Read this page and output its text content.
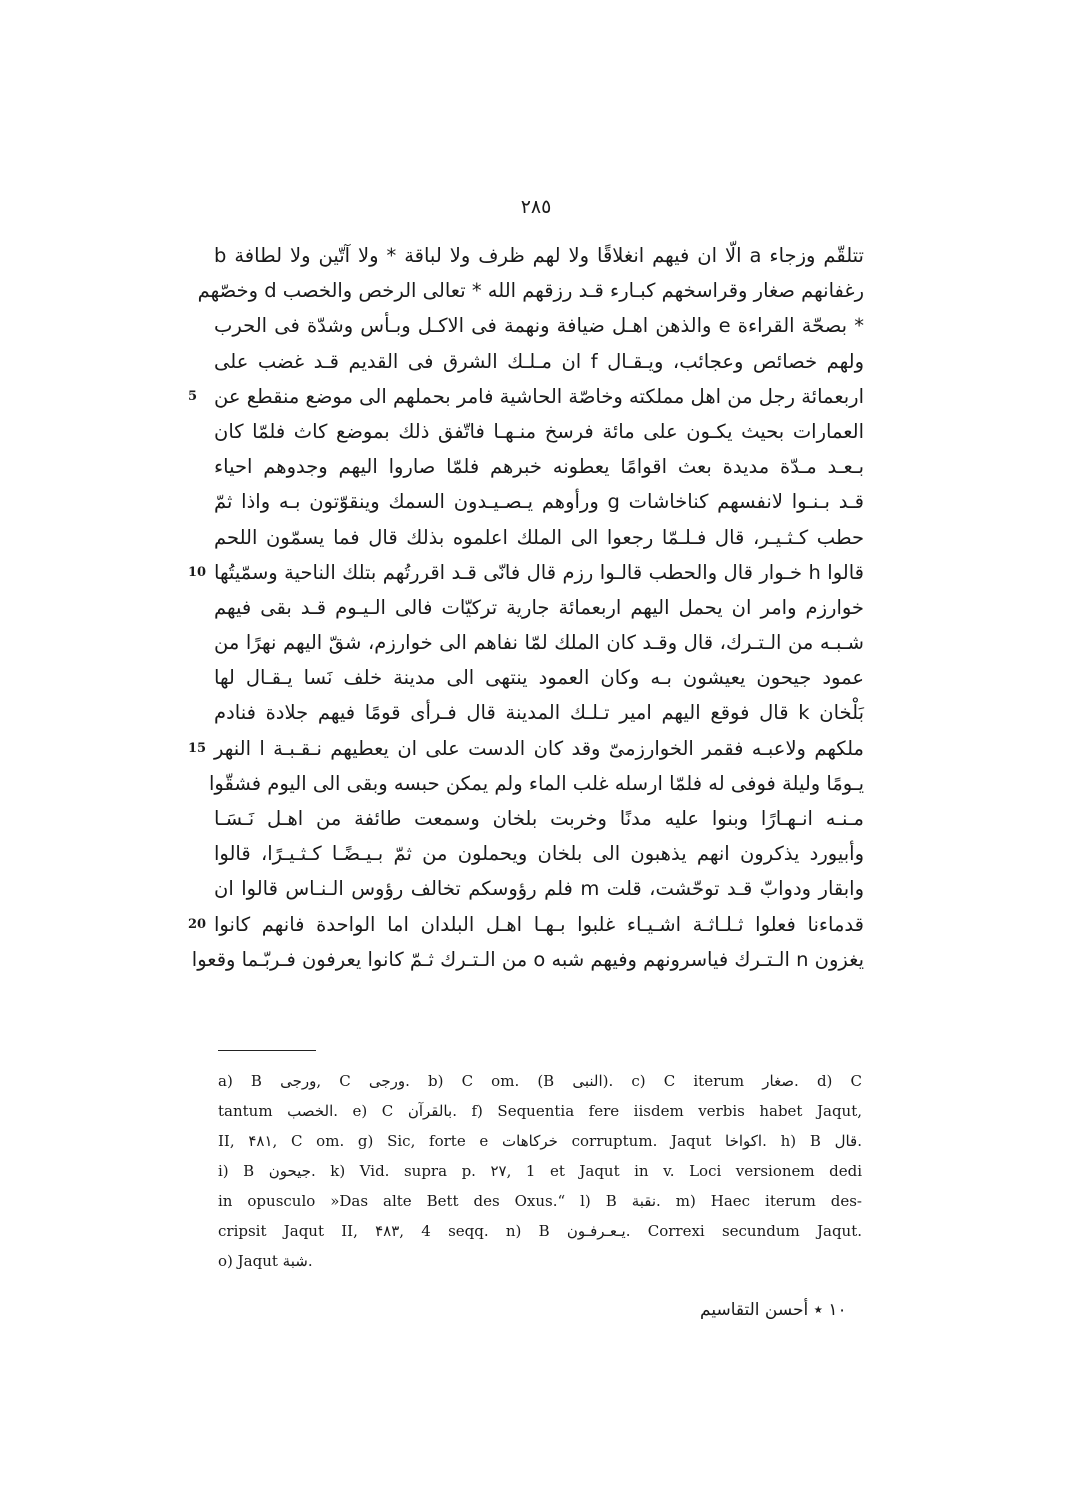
٢٨٥
تتلقّم وزجاء a الّا ان فيهم انغلاقًا ولا لهم ظرف ولا لباقة * ولا آتّين ولا لطافة b
رغفانهم صغار وقراسخهم كبـارء قـد رزقهم الله * تعالى الرخص والخصب d وخصّهم
* بصحّة القراءة e والذهن اهـل ضيافة ونهمة فى الاكـل وبـأس وشدّة فى الحرب
ولهم خصائص وعجائب، ويـقـال f ان مـلـك الشرق فى القديم قـد غضب على
اربعمائة رجل من اهل مملكته وخاصّة الحاشية فامر بحملهم الى موضع منقطع عن
5
العمارات بحيث يكـون على مائة فرسخ منـهـا فاتّفق ذلك بموضع كاث فلمّا كان
بـعـد مـدّة مديدة بعث اقوامًا يعطونه خبرهم فلمّا صاروا اليهم وجدوهم احياء
قـد بـنـوا لانفسهم كناخاشات g ورأوهم يـصـيـدون السمك وينقوّتون بـه واذا ثمّ
حطب كـثـيـر، قال فـلـمّا رجعوا الى الملك اعلموه بذلك قال فما يسمّون اللحم
قالوا h خـوار قال والحطب قالـوا رزم قال فانّى قـد اقررتُهم بتلك الناحية وسمّيتُها
10
خوارزم وامر ان يحمل اليهم اربعمائة جارية تركيّات فالى الـيـوم قـد بقى فيهم
شـبـه من الـتـرك، قال وقـد كان الملك لمّا نفاهم الى خوارزم، شقّ اليهم نهرًا من
عمود جيحون يعيشون بـه وكان العمود ينتهى الى مدينة خلف نَسا يـقـال لها
بَلْخان k قال فوقع اليهم امير تـلـك المدينة قال فـرأى قومًا فيهم جلادة فنادم
ملكهم ولاعبـه فقمر الخوارزمىّ وقد كان الدست على ان يعطيهم نـقـبـة l النهر
15
يـومًا وليلة فوفى له فلمّا ارسله غلب الماء ولم يمكن حبسه وبقى الى اليوم فشقّوا
مـنـه انـهـارًا وبنوا عليه مدنًا وخربت بلخان وسمعت طائفة من اهـل نَـسَـا
وأبيورد يذكرون انهم يذهبون الى بلخان ويحملون من ثمّ بـيـضًـا كـثـيـرًا، قالوا
وابقار ودوابّ قـد توحّشت، قلت m فلم رؤوسكم تخالف رؤوس الـنـاس قالوا ان
قدماءنا فعلوا ثـلـاثـة اشـيـاء غلبوا بـهـا اهـل البلدان اما الواحدة فانهم كانوا
20
يغزون n الـتـرك فياسرونهم وفيهم شبه o من الـتـرك ثـمّ كانوا يعرفون فـربّـما وقعوا
a) B ورجى, C ورجى. b) C om. (B النبى). c) C iterum صغار. d) C
tantum الخصب. e) C بالقرآن. f) Sequentia fere iisdem verbis habet Jaqut,
II, ۴۸۱, C om. g) Sic, forte e خركاهات corruptum. Jaqut اكواخا. h) B قال.
i) B جيحون. k) Vid. supra p. ٢٧, 1 et Jaqut in v. Loci versionem dedi
in opusculo »Das alte Bett des Oxus.“ l) B نقبة. m) Haec iterum des-
cripsit Jaqut II, ۴٨٣, 4 seqq. n) B يـعـرفـون. Correxi secundum Jaqut.
o) Jaqut شبة.
١٠ ٭ أحسن التقاسيم
